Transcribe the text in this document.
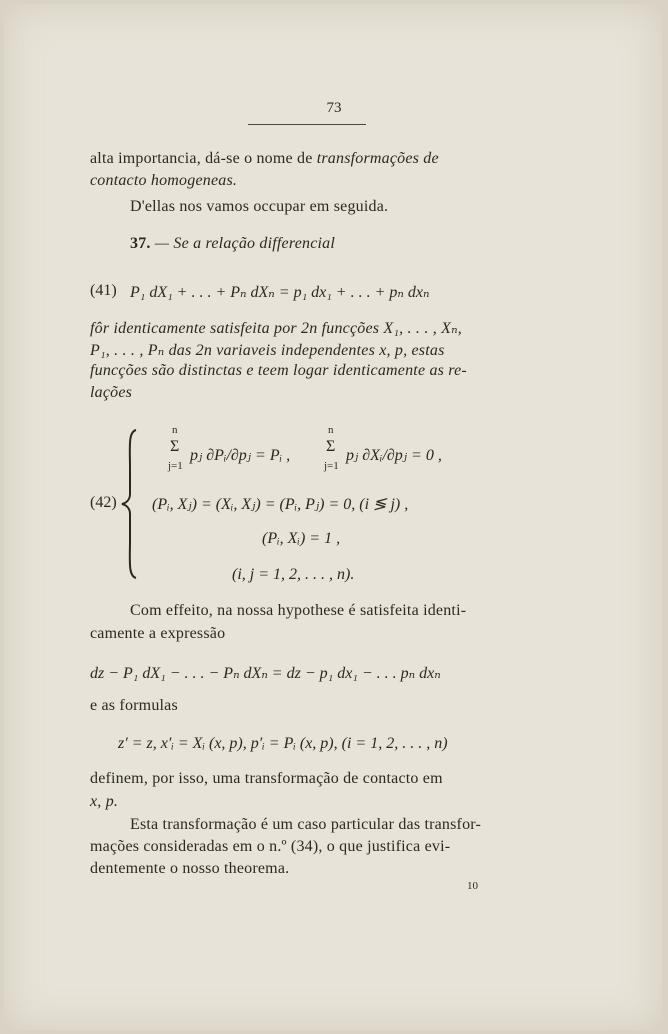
73
alta importancia, dá-se o nome de transformações de
contacto homogeneas.
D'ellas nos vamos occupar em seguida.
37. — Se a relação differencial
(41) P₁ dX₁ + . . . + Pₙ dXₙ = p₁ dx₁ + . . . + pₙ dxₙ
fôr identicamente satisfeita por 2n funcções X₁, . . . , Xₙ,
P₁, . . . , Pₙ das 2n variaveis independentes x, p, estas
funcções são distinctas e teem logar identicamente as re-
lações
(42)
n
Σ
j=1
pⱼ ∂Pᵢ/∂pⱼ = Pᵢ ,
n
Σ
j=1
pⱼ ∂Xᵢ/∂pⱼ = 0 ,
(Pᵢ, Xⱼ) = (Xᵢ, Xⱼ) = (Pᵢ, Pⱼ) = 0, (i ≶ j) ,
(Pᵢ, Xᵢ) = 1 ,
(i, j = 1, 2, . . . , n).
Com effeito, na nossa hypothese é satisfeita identi-
camente a expressão
dz − P₁ dX₁ − . . . − Pₙ dXₙ = dz − p₁ dx₁ − . . . pₙ dxₙ
e as formulas
z′ = z, x′ᵢ = Xᵢ (x, p), p′ᵢ = Pᵢ (x, p), (i = 1, 2, . . . , n)
definem, por isso, uma transformação de contacto em
x, p.
Esta transformação é um caso particular das transfor-
mações consideradas em o n.º (34), o que justifica evi-
dentemente o nosso theorema.
10
